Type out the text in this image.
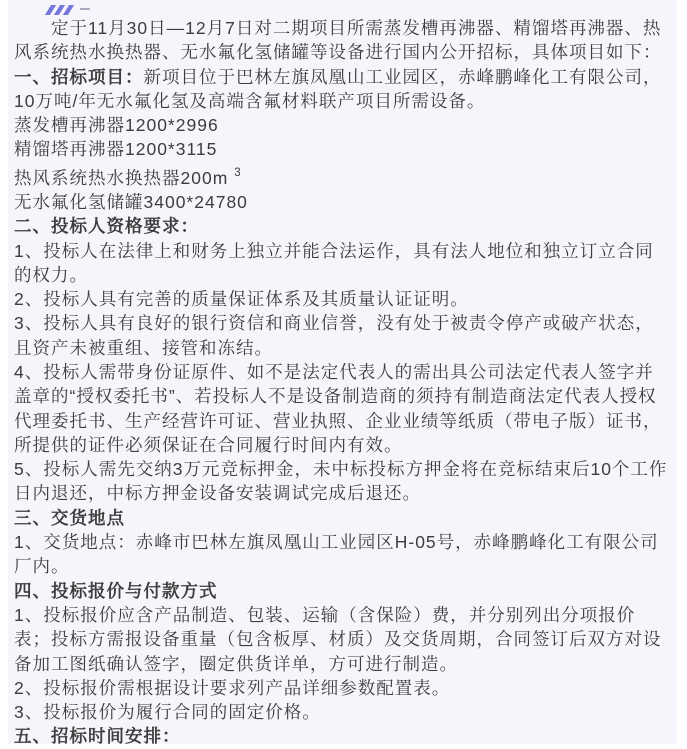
定于11月30日—12月7日对二期项目所需蒸发槽再沸器、精馏塔再沸器、热风系统热水换热器、无水氟化氢储罐等设备进行国内公开招标，具体项目如下：

一、招标项目：新项目位于巴林左旗凤凰山工业园区，赤峰鹏峰化工有限公司，10万吨/年无水氟化氢及高端含氟材料联产项目所需设备。

蒸发槽再沸器1200*2996

精馏塔再沸器1200*3115

热风系统热水换热器200m $^3$

无水氟化氢储罐3400*24780

二、投标人资格要求：

1、投标人在法律上和财务上独立并能合法运作，具有法人地位和独立订立合同的权力。

2、投标人具有完善的质量保证体系及其质量认证证明。

3、投标人具有良好的银行资信和商业信誉，没有处于被责令停产或破产状态，且资产未被重组、接管和冻结。

4、投标人需带身份证原件、如不是法定代表人的需出具公司法定代表人签字并盖章的“授权委托书”、若投标人不是设备制造商的须持有制造商法定代表人授权代理委托书、生产经营许可证、营业执照、企业业绩等纸质（带电子版）证书，所提供的证件必须保证在合同履行时间内有效。

5、投标人需先交纳3万元竞标押金，未中标投标方押金将在竞标结束后10个工作日内退还，中标方押金设备安装调试完成后退还。

三、交货地点

1、交货地点：赤峰市巴林左旗凤凰山工业园区H-05号，赤峰鹏峰化工有限公司厂内。

四、投标报价与付款方式

1、投标报价应含产品制造、包装、运输（含保险）费，并分别列出分项报价表；投标方需报设备重量（包含板厚、材质）及交货周期，合同签订后双方对设备加工图纸确认签字，圈定供货详单，方可进行制造。

2、投标报价需根据设计要求列产品详细参数配置表。

3、投标报价为履行合同的固定价格。

五、招标时间安排：
